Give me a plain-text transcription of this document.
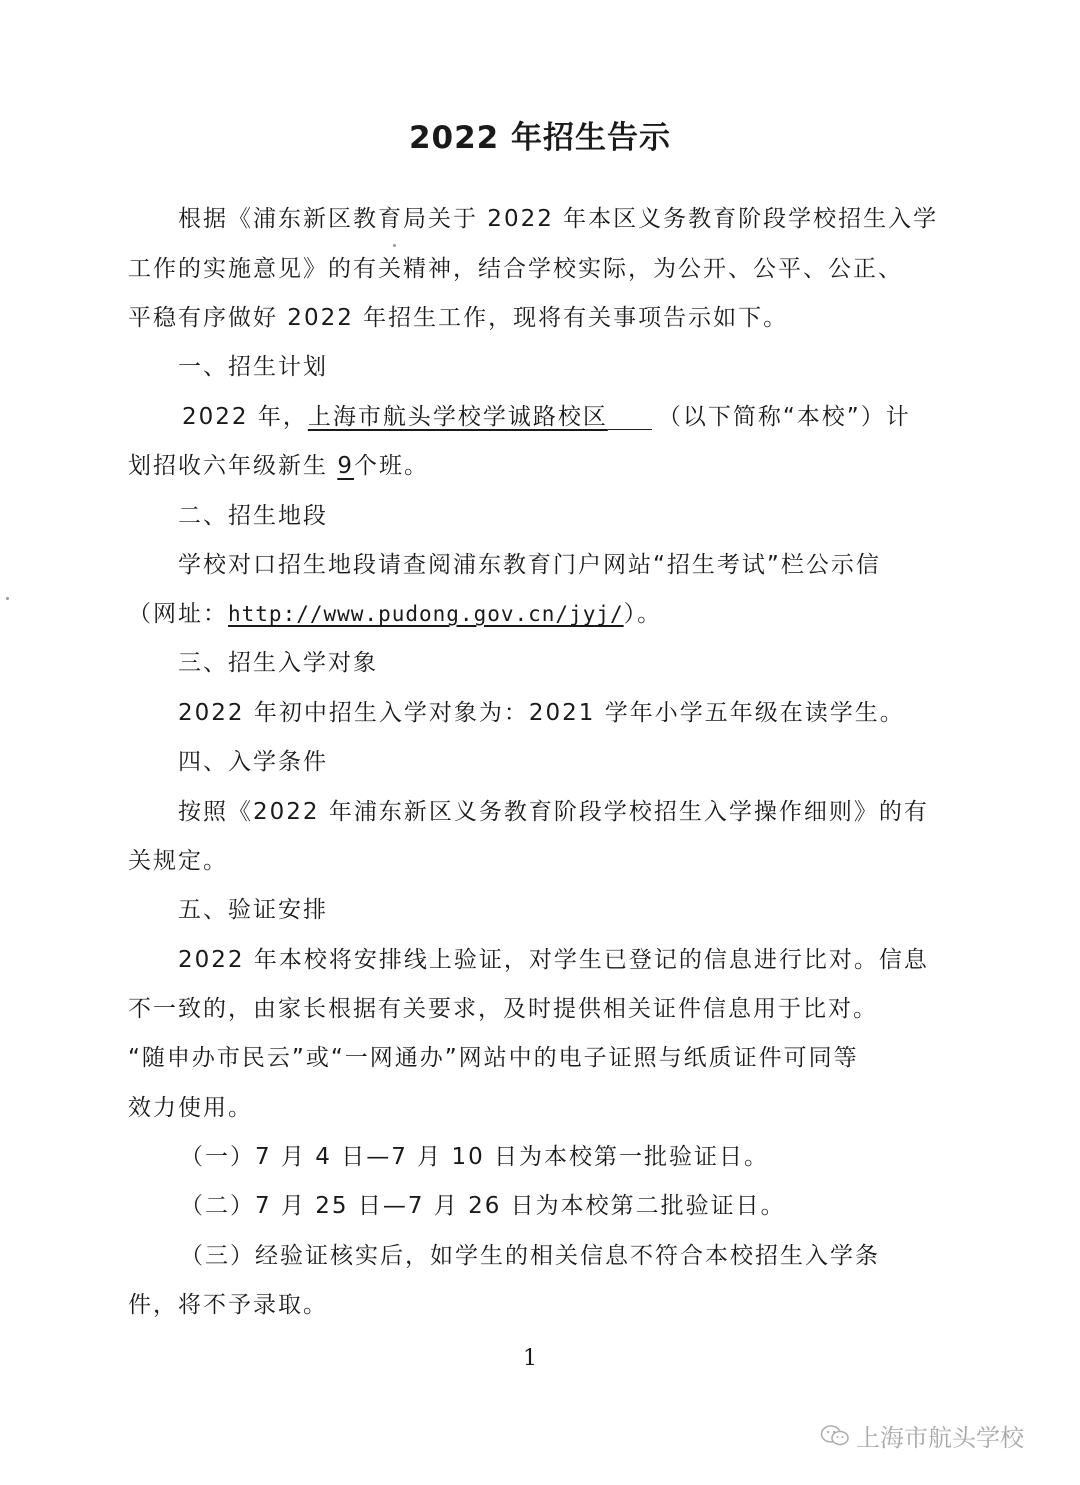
2022 年招生告示
根据《浦东新区教育局关于 2022 年本区义务教育阶段学校招生入学
工作的实施意见》的有关精神，结合学校实际，为公开、公平、公正、
平稳有序做好 2022 年招生工作，现将有关事项告示如下。
一、招生计划
2022 年，上海市航头学校学诚路校区 （以下简称“本校”）计
划招收六年级新生 9个班。
二、招生地段
学校对口招生地段请查阅浦东教育门户网站“招生考试”栏公示信
（网址：http://www.pudong.gov.cn/jyj/）。
三、招生入学对象
2022 年初中招生入学对象为：2021 学年小学五年级在读学生。
四、入学条件
按照《2022 年浦东新区义务教育阶段学校招生入学操作细则》的有
关规定。
五、验证安排
2022 年本校将安排线上验证，对学生已登记的信息进行比对。信息
不一致的，由家长根据有关要求，及时提供相关证件信息用于比对。
“随申办市民云”或“一网通办”网站中的电子证照与纸质证件可同等
效力使用。
（一）7 月 4 日—7 月 10 日为本校第一批验证日。
（二）7 月 25 日—7 月 26 日为本校第二批验证日。
（三）经验证核实后，如学生的相关信息不符合本校招生入学条
件，将不予录取。
1
上海市航头学校
